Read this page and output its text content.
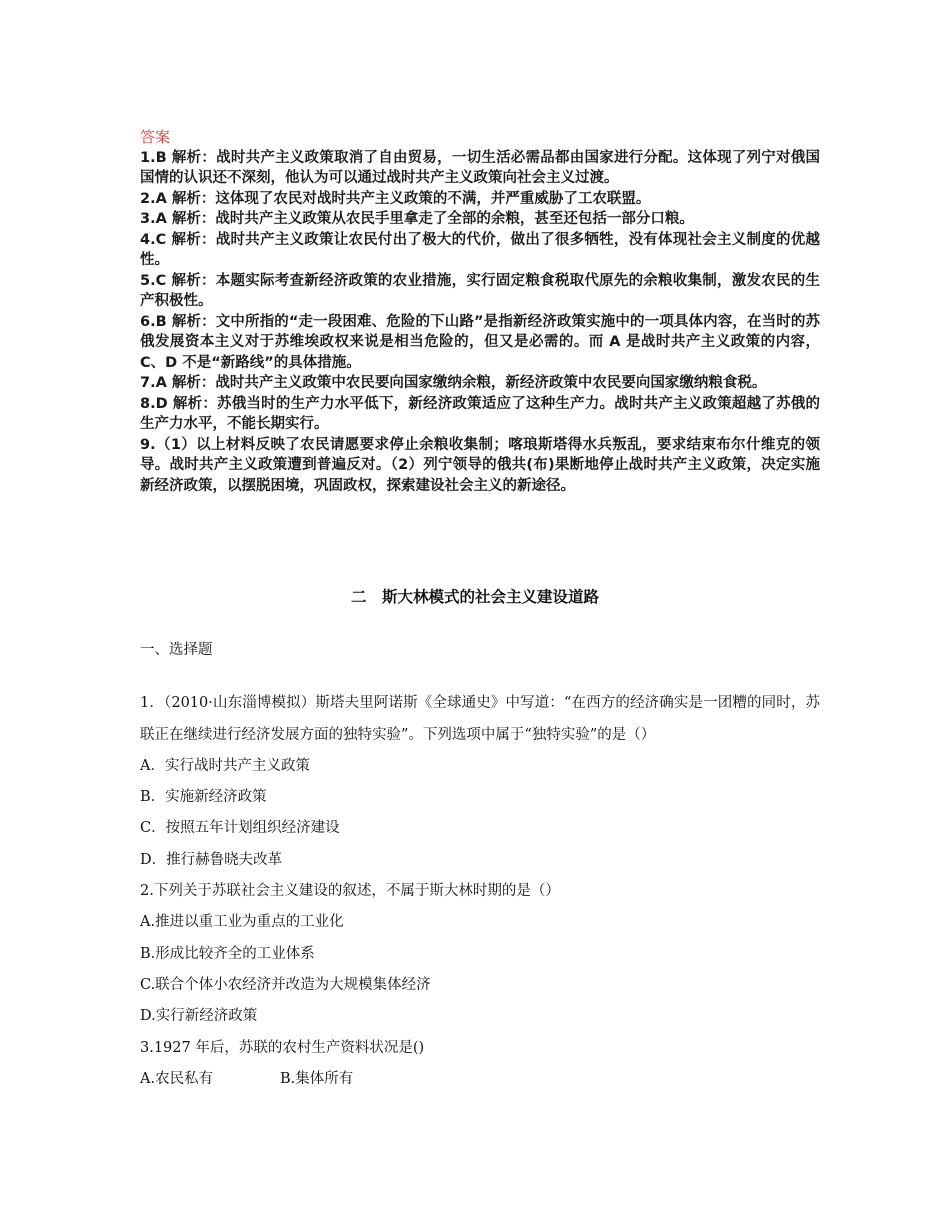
答案

1.B 解析：战时共产主义政策取消了自由贸易，一切生活必需品都由国家进行分配。这体现了列宁对俄国国情的认识还不深刻，他认为可以通过战时共产主义政策向社会主义过渡。

2.A 解析：这体现了农民对战时共产主义政策的不满，并严重威胁了工农联盟。

3.A 解析：战时共产主义政策从农民手里拿走了全部的余粮，甚至还包括一部分口粮。

4.C 解析：战时共产主义政策让农民付出了极大的代价，做出了很多牺牲，没有体现社会主义制度的优越性。

5.C 解析：本题实际考查新经济政策的农业措施，实行固定粮食税取代原先的余粮收集制，激发农民的生产积极性。

6.B 解析：文中所指的“走一段困难、危险的下山路”是指新经济政策实施中的一项具体内容，在当时的苏俄发展资本主义对于苏维埃政权来说是相当危险的，但又是必需的。而 A 是战时共产主义政策的内容，C、D 不是“新路线”的具体措施。

7.A 解析：战时共产主义政策中农民要向国家缴纳余粮，新经济政策中农民要向国家缴纳粮食税。

8.D 解析：苏俄当时的生产力水平低下，新经济政策适应了这种生产力。战时共产主义政策超越了苏俄的生产力水平，不能长期实行。

9.（1）以上材料反映了农民请愿要求停止余粮收集制；喀琅斯塔得水兵叛乱，要求结束布尔什维克的领导。战时共产主义政策遭到普遍反对。（2）列宁领导的俄共(布)果断地停止战时共产主义政策，决定实施新经济政策，以摆脱困境，巩固政权，探索建设社会主义的新途径。

二　斯大林模式的社会主义建设道路

一、选择题

1．（2010·山东淄博模拟）斯塔夫里阿诺斯《全球通史》中写道：“在西方的经济确实是一团糟的同时，苏联正在继续进行经济发展方面的独特实验”。下列选项中属于“独特实验”的是（）

A．实行战时共产主义政策

B．实施新经济政策

C．按照五年计划组织经济建设

D．推行赫鲁晓夫改革

2.下列关于苏联社会主义建设的叙述，不属于斯大林时期的是（）

A.推进以重工业为重点的工业化

B.形成比较齐全的工业体系

C.联合个体小农经济并改造为大规模集体经济

D.实行新经济政策

3.1927 年后，苏联的农村生产资料状况是()

A.农民私有	B.集体所有
